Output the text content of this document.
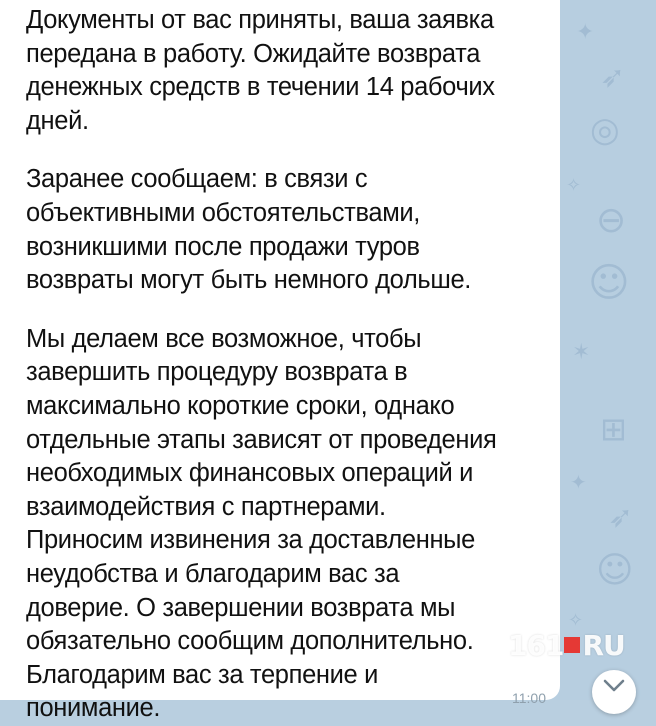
✦
➶
◎
✧
⊖
☺
✶
⊞
✦
➶
☺
✧

Документы от вас приняты, ваша заявка
передана в работу. Ожидайте возврата
денежных средств в течении 14 рабочих
дней.

Заранее сообщаем: в связи с
объективными обстоятельствами,
возникшими после продажи туров
возвраты могут быть немного дольше.

Мы делаем все возможное, чтобы
завершить процедуру возврата в
максимально короткие сроки, однако
отдельные этапы зависят от проведения
необходимых финансовых операций и
взаимодействия с партнерами.
Приносим извинения за доставленные
неудобства и благодарим вас за
доверие. О завершении возврата мы
обязательно сообщим дополнительно.
Благодарим вас за терпение и
понимание.	11:00
161 RU
